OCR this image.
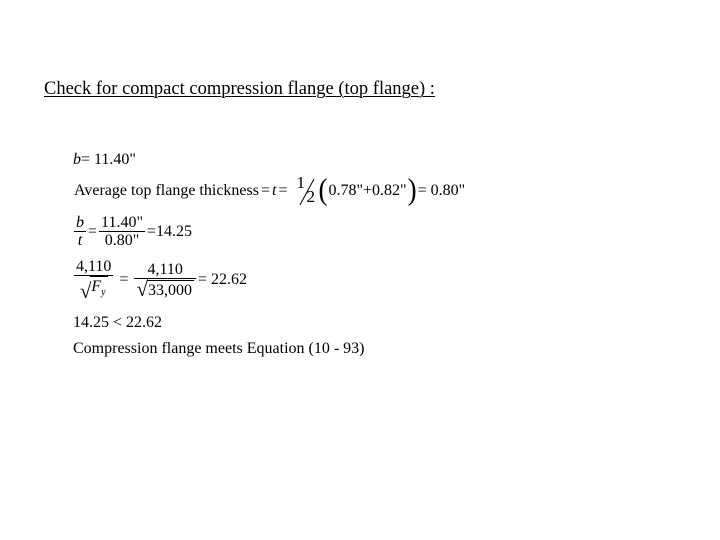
Check for compact compression flange (top flange) :
b= 11.40"
Average top flange thickness = t = 1
2 (0.78"+0.82")= 0.80"
$\frac{b}{t} = \frac{11.40"}{0.80"} =14.25$
$\frac{4,110}{√ F_y} = \frac{4,110}{√ 33,000} = 22.62$
14.25 < 22.62
Compression flange meets Equation (10 - 93)
